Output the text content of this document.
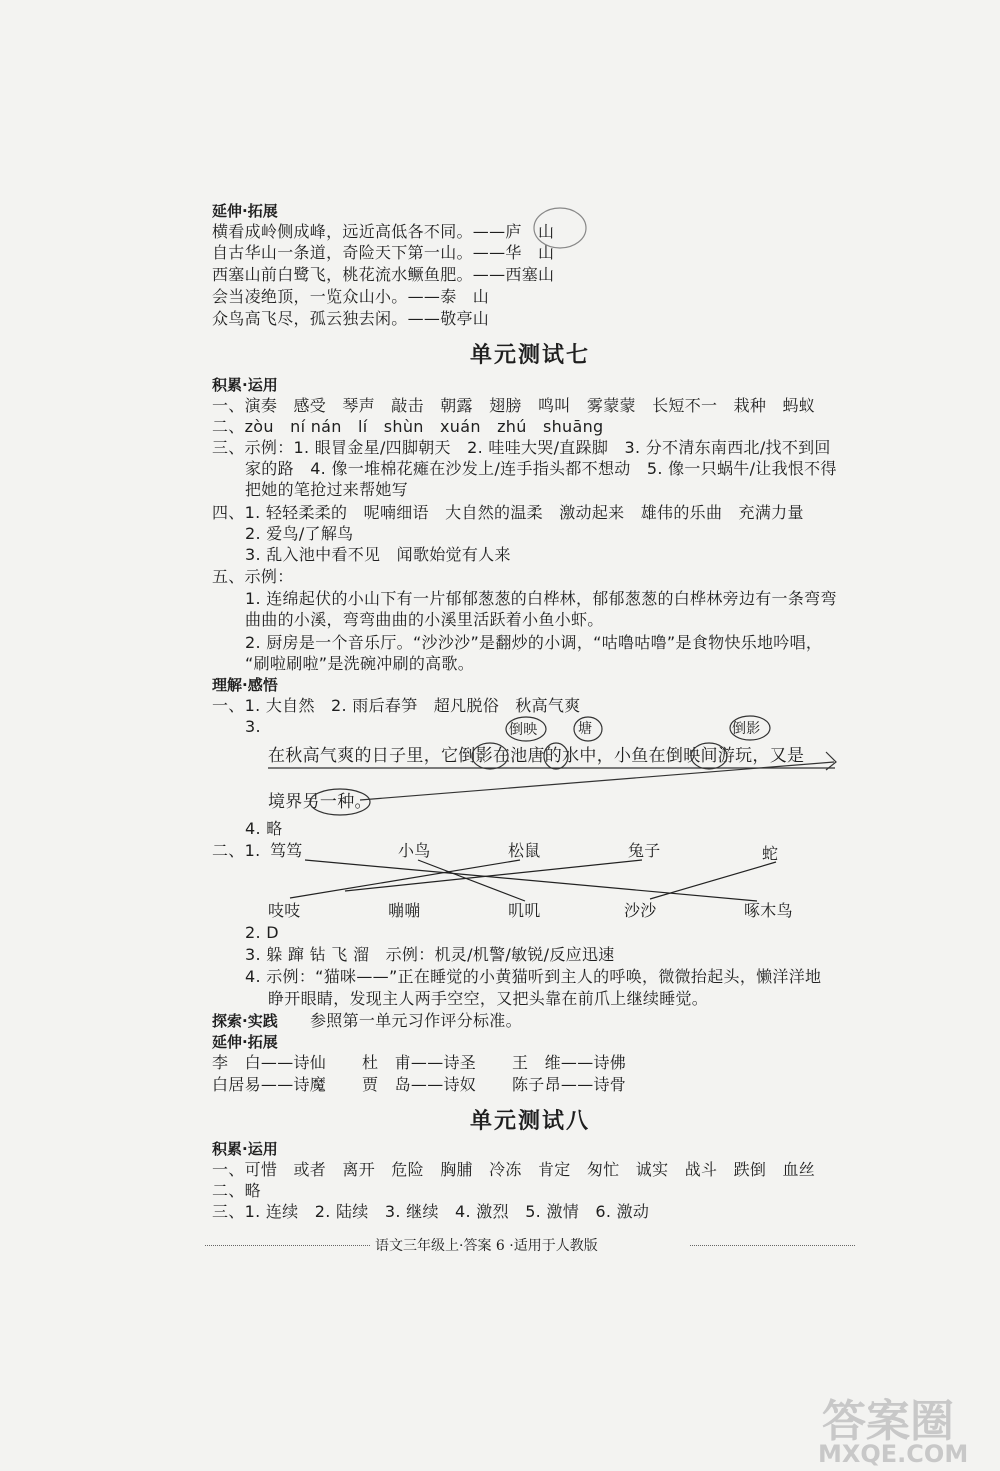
延伸·拓展
横看成岭侧成峰，远近高低各不同。——庐　山
自古华山一条道，奇险天下第一山。——华　山
西塞山前白鹭飞，桃花流水鳜鱼肥。——西塞山
会当凌绝顶，一览众山小。——泰　山
众鸟高飞尽，孤云独去闲。——敬亭山
单元测试七
积累·运用
一、演奏　感受　琴声　敲击　朝露　翅膀　鸣叫　雾蒙蒙　长短不一　栽种　蚂蚁
二、zòu　ní nán　lí　shùn　xuán　zhú　shuāng
三、示例：1. 眼冒金星/四脚朝天　2. 哇哇大哭/直跺脚　3. 分不清东南西北/找不到回
家的路　4. 像一堆棉花瘫在沙发上/连手指头都不想动　5. 像一只蜗牛/让我恨不得
把她的笔抢过来帮她写
四、1. 轻轻柔柔的　呢喃细语　大自然的温柔　激动起来　雄伟的乐曲　充满力量
2. 爱鸟/了解鸟
3. 乱入池中看不见　闻歌始觉有人来
五、示例：
1. 连绵起伏的小山下有一片郁郁葱葱的白桦林，郁郁葱葱的白桦林旁边有一条弯弯
曲曲的小溪，弯弯曲曲的小溪里活跃着小鱼小虾。
2. 厨房是一个音乐厅。“沙沙沙”是翻炒的小调，“咕噜咕噜”是食物快乐地吟唱，
“刷啦刷啦”是洗碗冲刷的高歌。
理解·感悟
一、1. 大自然　2. 雨后春笋　超凡脱俗　秋高气爽
3.
在秋高气爽的日子里，它倒影在池唐的水中，小鱼在倒映间游玩，又是
境界另一种。
倒映	塘	倒影
4. 略
二、1. 笃笃	小鸟	松鼠	兔子	蛇
吱吱	嘣嘣	叽叽	沙沙	啄木鸟
2. D
3. 躲 蹿 钻 飞 溜　示例：机灵/机警/敏锐/反应迅速
4. 示例：“猫咪——”正在睡觉的小黄猫听到主人的呼唤，微微抬起头，懒洋洋地
睁开眼睛，发现主人两手空空，又把头靠在前爪上继续睡觉。
探索·实践 参照第一单元习作评分标准。
延伸·拓展
李　白——诗仙 杜　甫——诗圣 王　维——诗佛
白居易——诗魔 贾　岛——诗奴 陈子昂——诗骨
单元测试八
积累·运用
一、可惜　或者　离开　危险　胸脯　冷冻　肯定　匆忙　诚实　战斗　跌倒　血丝
二、略
三、1. 连续　2. 陆续　3. 继续　4. 激烈　5. 激情　6. 激动
语文三年级上·答案 6 ·适用于人教版
答案圈
MXQE.COM
